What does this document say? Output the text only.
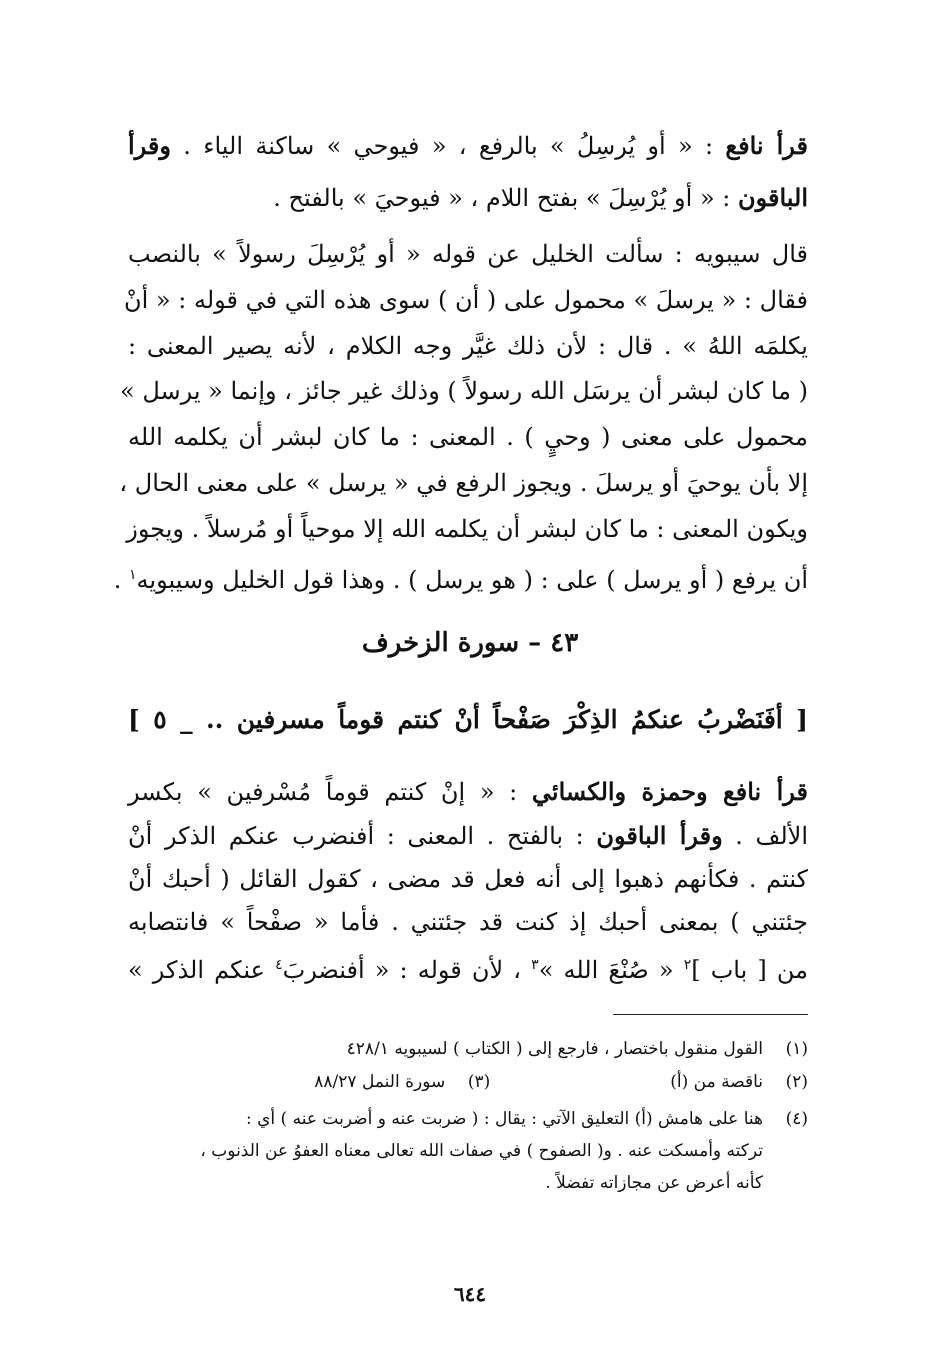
قرأ نافع : « أو يُرسِلُ » بالرفع ، « فيوحي » ساكنة الياء . وقرأ
الباقون : « أو يُرْسِلَ » بفتح اللام ، « فيوحيَ » بالفتح .
قال سيبويه : سألت الخليل عن قوله « أو يُرْسِلَ رسولاً » بالنصب
فقال : « يرسلَ » محمول على ( أن ) سوى هذه التي في قوله : « أنْ
يكلمَه اللهُ » . قال : لأن ذلك غيَّر وجه الكلام ، لأنه يصير المعنى :
( ما كان لبشر أن يرسَل الله رسولاً ) وذلك غير جائز ، وإنما « يرسل »
محمول على معنى ( وحيٍ ) . المعنى : ما كان لبشر أن يكلمه الله
إلا بأن يوحيَ أو يرسلَ . ويجوز الرفع في « يرسل » على معنى الحال ،
ويكون المعنى : ما كان لبشر أن يكلمه الله إلا موحياً أو مُرسلاً . ويجوز
أن يرفع ( أو يرسل ) على : ( هو يرسل ) . وهذا قول الخليل وسيبويه$^١$ .
٤٣ – سورة الزخرف
[ أفَنَضْربُ عنكمُ الذِكْرَ صَفْحاً أنْ كنتم قوماً مسرفين .. _ ٥ ]
قرأ نافع وحمزة والكسائي : « إنْ كنتم قوماً مُسْرفين » بكسر
الألف . وقرأ الباقون : بالفتح . المعنى : أفنضرب عنكم الذكر أنْ
كنتم . فكأنهم ذهبوا إلى أنه فعل قد مضى ، كقول القائل ( أحبك أنْ
جئتني ) بمعنى أحبك إذ كنت قد جئتني . فأما « صفْحاً » فانتصابه
من [ باب ]$^٢$ « صُنْعَ الله »$^٣$ ، لأن قوله : « أفنضربَ$^٤$ عنكم الذكر »
(١)القول منقول باختصار ، فارجع إلى ( الكتاب ) لسيبويه ٤٢٨/١
(٢)ناقصة من (أ)(٣)سورة النمل ٨٨/٢٧
(٤)هنا على هامش (أ) التعليق الآتي : يقال : ( ضربت عنه و أضربت عنه ) أي :
تركته وأمسكت عنه . و( الصفوح ) في صفات الله تعالى معناه العفوُ عن الذنوب ،
كأنه أعرض عن مجازاته تفضلاً .
٦٤٤
